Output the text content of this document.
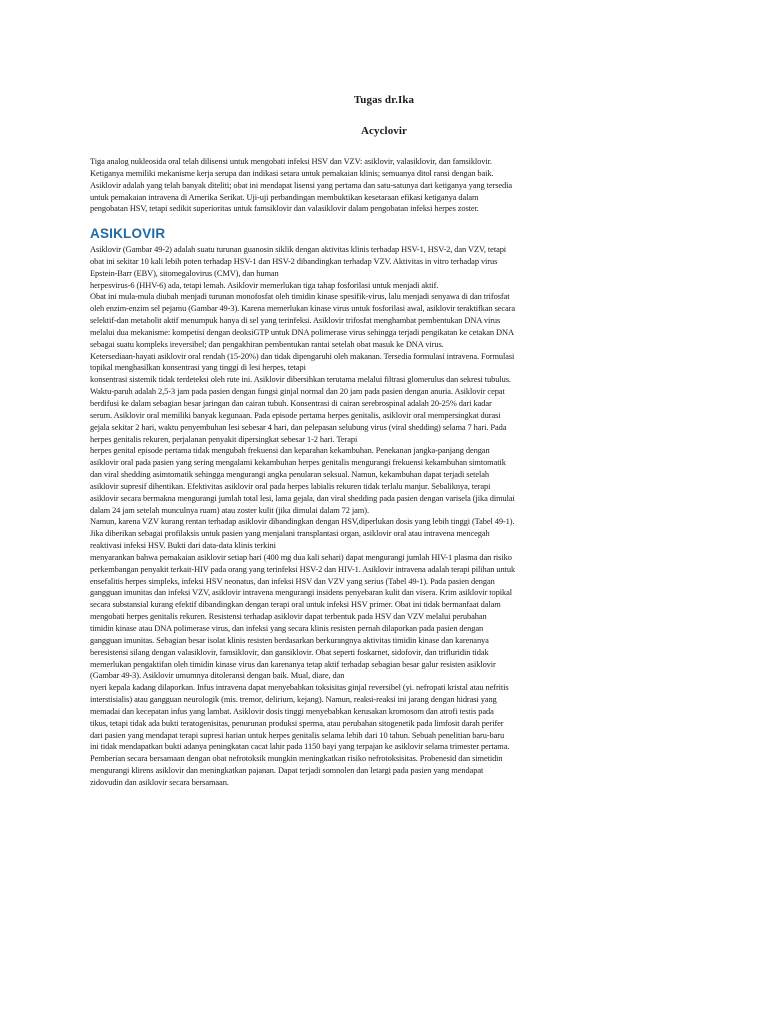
Tugas dr.Ika
Acyclovir
Tiga analog nukleosida oral telah dilisensi untuk mengobati infeksi HSV dan VZV: asiklovir, valasiklovir, dan famsiklovir.
Ketiganya memiliki mekanisme kerja serupa dan indikasi setara untuk pemakaian klinis; semuanya ditol ransi dengan baik.
Asiklovir adalah yang telah banyak diteliti; obat ini mendapat lisensi yang pertama dan satu-satunya dari ketiganya yang tersedia
untuk pemakaian intravena di Amerika Serikat. Uji-uji perbandingan membuktikan kesetaraan efikasi ketiganya dalam
pengobatan HSV, tetapi sedikit superioritas untuk famsiklovir dan valasiklovir dalam pengobatan infeksi herpes zoster.
ASIKLOVIR
Asiklovir (Gambar 49-2) adalah suatu turunan guanosin siklik dengan aktivitas klinis terhadap HSV-1, HSV-2, dan VZV, tetapi
obat ini sekitar 10 kali lebih poten terhadap HSV-1 dan HSV-2 dibandingkan terhadap VZV. Aktivitas in vitro terhadap virus
Epstein-Barr (EBV), sitomegalovirus (CMV), dan human
herpesvirus-6 (HHV-6) ada, tetapi lemah. Asiklovir memerlukan tiga tahap fosforilasi untuk menjadi aktif.
Obat ini mula-mula diubah menjadi turunan monofosfat oleh timidin kinase spesifik-virus, lalu menjadi senyawa di dan trifosfat
oleh enzim-enzim sel pejamu (Gambar 49-3). Karena memerlukan kinase virus untuk fosforilasi awal, asiklovir teraktifkan secara
selektif-dan metabolit aktif menumpuk hanya di sel yang terinfeksi. Asiklovir trifosfat menghambat pembentukan DNA virus
melalui dua mekanisme: kompetisi dengan deoksiGTP untuk DNA polimerase virus sehingga terjadi pengikatan ke cetakan DNA
sebagai suatu kompleks ireversibel; dan pengakhiran pembentukan rantai setelah obat masuk ke DNA virus.
Ketersediaan-hayati asiklovir oral rendah (15-20%) dan tidak dipengaruhi oleh makanan. Tersedia formulasi intravena. Formulasi
topikal menghasilkan konsentrasi yang tinggi di lesi herpes, tetapi
konsentrasi sistemik tidak terdeteksi oleh rute ini. Asiklovir dibersihkan terutama melalui filtrasi glomerulus dan sekresi tubulus.
Waktu-paruh adalah 2,5-3 jam pada pasien dengan fungsi ginjal normal dan 20 jam pada pasien dengan anuria. Asiklovir cepat
berdifusi ke dalam sebagian besar jaringan dan cairan tubuh. Konsentrasi di cairan serebrospinal adalah 20-25% dari kadar
serum. Asiklovir oral memiliki banyak kegunaan. Pada episode pertama herpes genitalis, asiklovir oral mempersingkat durasi
gejala sekitar 2 hari, waktu penyembuhan lesi sebesar 4 hari, dan pelepasan selubung virus (viral shedding) selama 7 hari. Pada
herpes genitalis rekuren, perjalanan penyakit dipersingkat sebesar 1-2 hari. Terapi
herpes genital episode pertama tidak mengubah frekuensi dan keparahan kekambuhan. Penekanan jangka-panjang dengan
asiklovir oral pada pasien yang sering mengalami kekambuhan herpes genitalis mengurangi frekuensi kekambuhan simtomatik
dan viral shedding asimtomatik sehingga mengurangi angka penularan seksual. Namun, kekambuhan dapat terjadi setelah
asiklovir supresif dihentikan. Efektivitas asiklovir oral pada herpes labialis rekuren tidak terlalu manjur. Sebaliknya, terapi
asiklovir secara bermakna mengurangi jumlah total lesi, lama gejala, dan viral shedding pada pasien dengan varisela (jika dimulai
dalam 24 jam setelah munculnya ruam) atau zoster kulit (jika dimulai dalam 72 jam).
Namun, karena VZV kurang rentan terhadap asiklovir dibandingkan dengan HSV,diperlukan dosis yang lebih tinggi (Tabel 49-1).
Jika diberikan sebagai profilaksis untuk pasien yang menjalani transplantasi organ, asiklovir oral atau intravena mencegah
reaktivasi infeksi HSV. Bukti dari data-data klinis terkini
menyarankan bahwa pemakaian asiklovir setiap hari (400 mg dua kali sehari) dapat mengurangi jumlah HIV-1 plasma dan risiko
perkembangan penyakit terkait-HIV pada orang yang terinfeksi HSV-2 dan HIV-1. Asiklovir intravena adalah terapi pilihan untuk
ensefalitis herpes simpleks, infeksi HSV neonatus, dan infeksi HSV dan VZV yang serius (Tabel 49-1). Pada pasien dengan
gangguan imunitas dan infeksi VZV, asiklovir intravena mengurangi insidens penyebaran kulit dan visera. Krim asiklovir topikal
secara substansial kurang efektif dibandingkan dengan terapi oral untuk infeksi HSV primer. Obat ini tidak bermanfaat dalam
mengobati herpes genitalis rekuren. Resistensi terhadap asiklovir dapat terbentuk pada HSV dan VZV melalui perubahan
timidin kinase atau DNA polimerase virus, dan infeksi yang secara klinis resisten pernah dilaporkan pada pasien dengan
gangguan imunitas. Sebagian besar isolat klinis resisten berdasarkan berkurangnya aktivitas timidin kinase dan karenanya
beresistensi silang dengan valasiklovir, famsiklovir, dan gansiklovir. Obat seperti foskarnet, sidofovir, dan trifluridin tidak
memerlukan pengaktifan oleh timidin kinase virus dan karenanya tetap aktif terhadap sebagian besar galur resisten asiklovir
(Gambar 49-3). Asiklovir umumnya ditoleransi dengan baik. Mual, diare, dan
nyeri kepala kadang dilaporkan. Infus intravena dapat menyebabkan toksisitas ginjal reversibel (yi. nefropati kristal atau nefritis
interstisialis) atau gangguan neurologik (mis. tremor, delirium, kejang). Namun, reaksi-reaksi ini jarang dengan hidrasi yang
memadai dan kecepatan infus yang lambat. Asiklovir dosis tinggi menyebabkan kerusakan kromosom dan atrofi testis pada
tikus, tetapi tidak ada bukti teratogenisitas, penurunan produksi sperma, atau perubahan sitogenetik pada limfosit darah perifer
dari pasien yang mendapat terapi supresi harian untuk herpes genitalis selama lebih dari 10 tahun. Sebuah penelitian baru-baru
ini tidak mendapatkan bukti adanya peningkatan cacat lahir pada 1150 bayi yang terpajan ke asiklovir selama trimester pertama.
Pemberian secara bersamaan dengan obat nefrotoksik mungkin meningkatkan risiko nefrotoksisitas. Probenesid dan simetidin
mengurangi klirens asiklovir dan meningkatkan pajanan. Dapat terjadi somnolen dan letargi pada pasien yang mendapat
zidovudin dan asiklovir secara bersamaan.
